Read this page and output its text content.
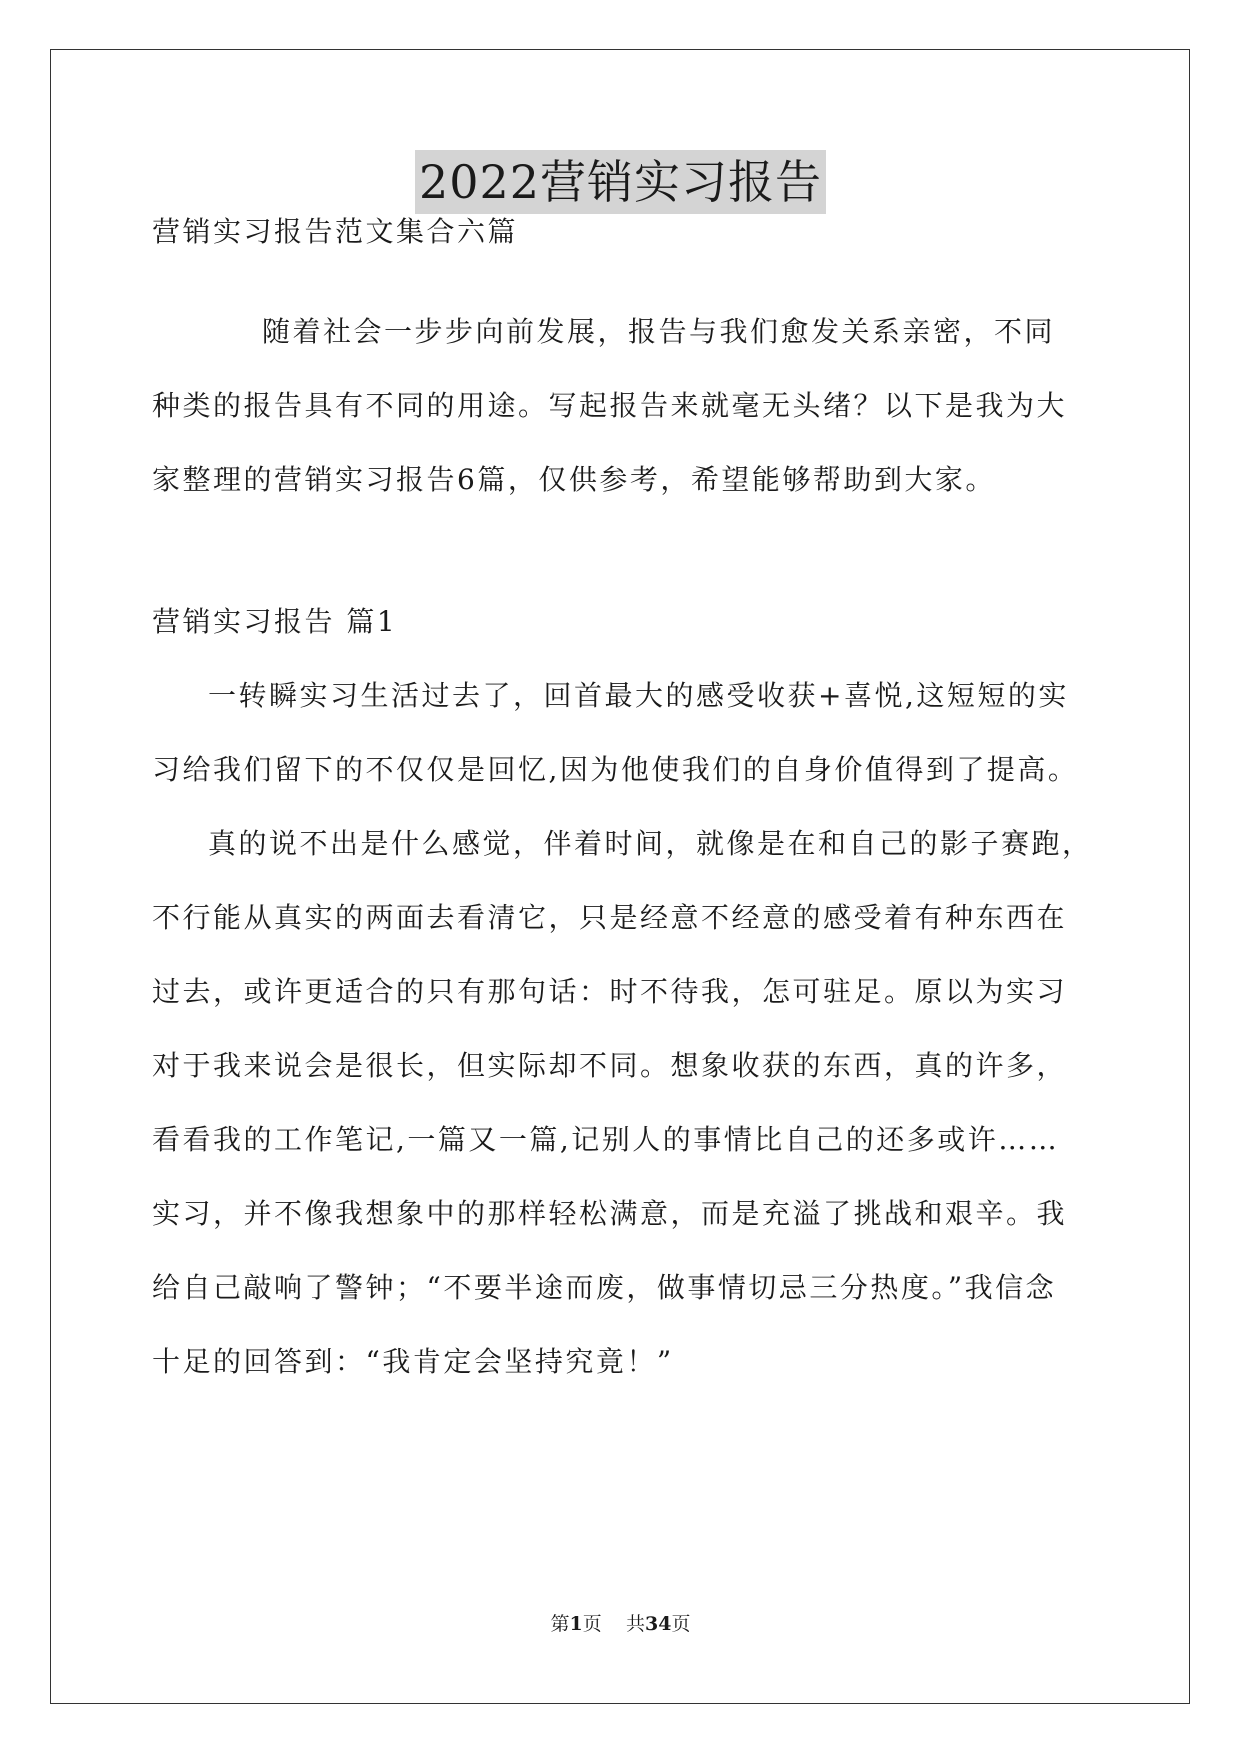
2022营销实习报告
营销实习报告范文集合六篇
随着社会一步步向前发展，报告与我们愈发关系亲密，不同
种类的报告具有不同的用途。写起报告来就毫无头绪？以下是我为大
家整理的营销实习报告6篇，仅供参考，希望能够帮助到大家。
营销实习报告 篇1
一转瞬实习生活过去了，回首最大的感受收获+喜悦,这短短的实
习给我们留下的不仅仅是回忆,因为他使我们的自身价值得到了提高。
真的说不出是什么感觉，伴着时间，就像是在和自己的影子赛跑，
不行能从真实的两面去看清它，只是经意不经意的感受着有种东西在
过去，或许更适合的只有那句话：时不待我，怎可驻足。原以为实习
对于我来说会是很长，但实际却不同。想象收获的东西，真的许多，
看看我的工作笔记,一篇又一篇,记别人的事情比自己的还多或许……
实习，并不像我想象中的那样轻松满意，而是充溢了挑战和艰辛。我
给自己敲响了警钟；“不要半途而废，做事情切忌三分热度。”我信念
十足的回答到：“我肯定会坚持究竟！”
第1页 共34页
